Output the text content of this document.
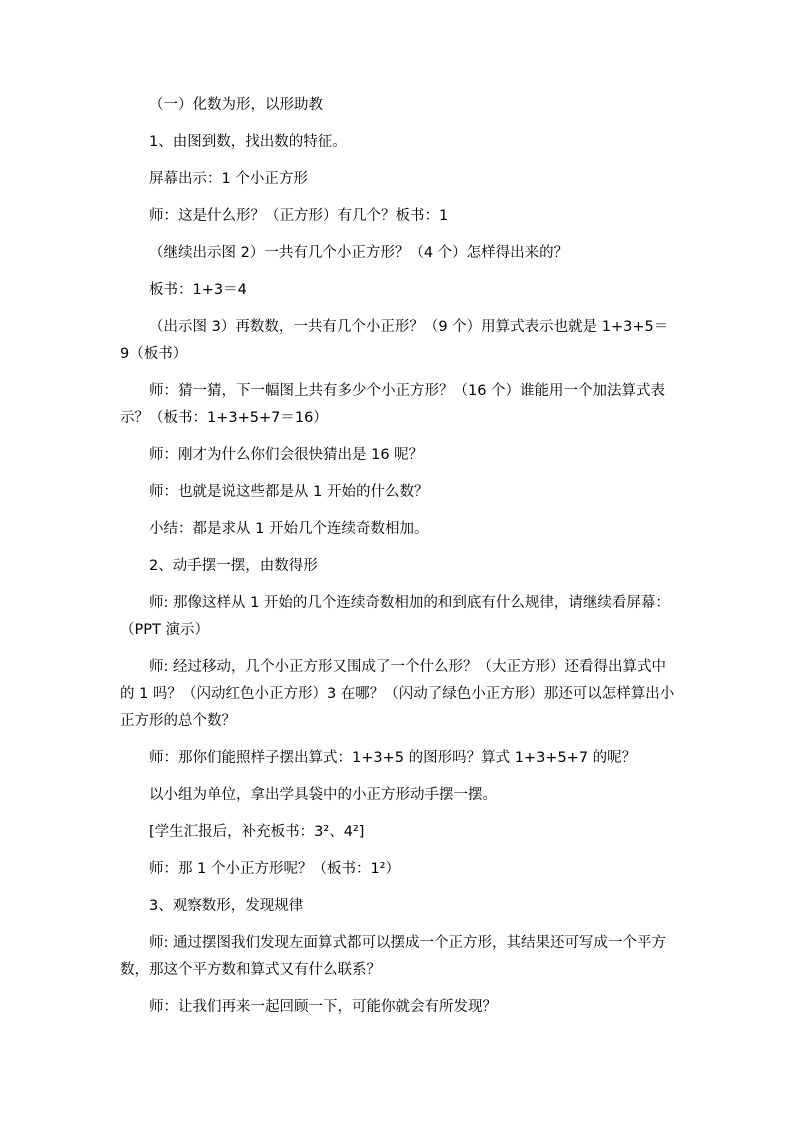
（一）化数为形，以形助教

1、由图到数，找出数的特征。

屏幕出示：1 个小正方形

师：这是什么形？（正方形）有几个？板书：1

（继续出示图 2）一共有几个小正方形？（4 个）怎样得出来的？

板书：1+3＝4

（出示图 3）再数数，一共有几个小正形？（9 个）用算式表示也就是 1+3+5＝9（板书）

师：猜一猜，下一幅图上共有多少个小正方形？（16 个）谁能用一个加法算式表示？（板书：1+3+5+7＝16）

师：刚才为什么你们会很快猜出是 16 呢？

师：也就是说这些都是从 1 开始的什么数？

小结：都是求从 1 开始几个连续奇数相加。

2、动手摆一摆，由数得形

师: 那像这样从 1 开始的几个连续奇数相加的和到底有什么规律，请继续看屏幕：（PPT 演示）

师: 经过移动，几个小正方形又围成了一个什么形？（大正方形）还看得出算式中的 1 吗？（闪动红色小正方形）3 在哪？（闪动了绿色小正方形）那还可以怎样算出小正方形的总个数？

师：那你们能照样子摆出算式：1+3+5 的图形吗？算式 1+3+5+7 的呢？

以小组为单位，拿出学具袋中的小正方形动手摆一摆。

[学生汇报后，补充板书：3²、4²]

师：那 1 个小正方形呢？（板书：1²）

3、观察数形，发现规律

师: 通过摆图我们发现左面算式都可以摆成一个正方形，其结果还可写成一个平方数，那这个平方数和算式又有什么联系？

师：让我们再来一起回顾一下，可能你就会有所发现？
